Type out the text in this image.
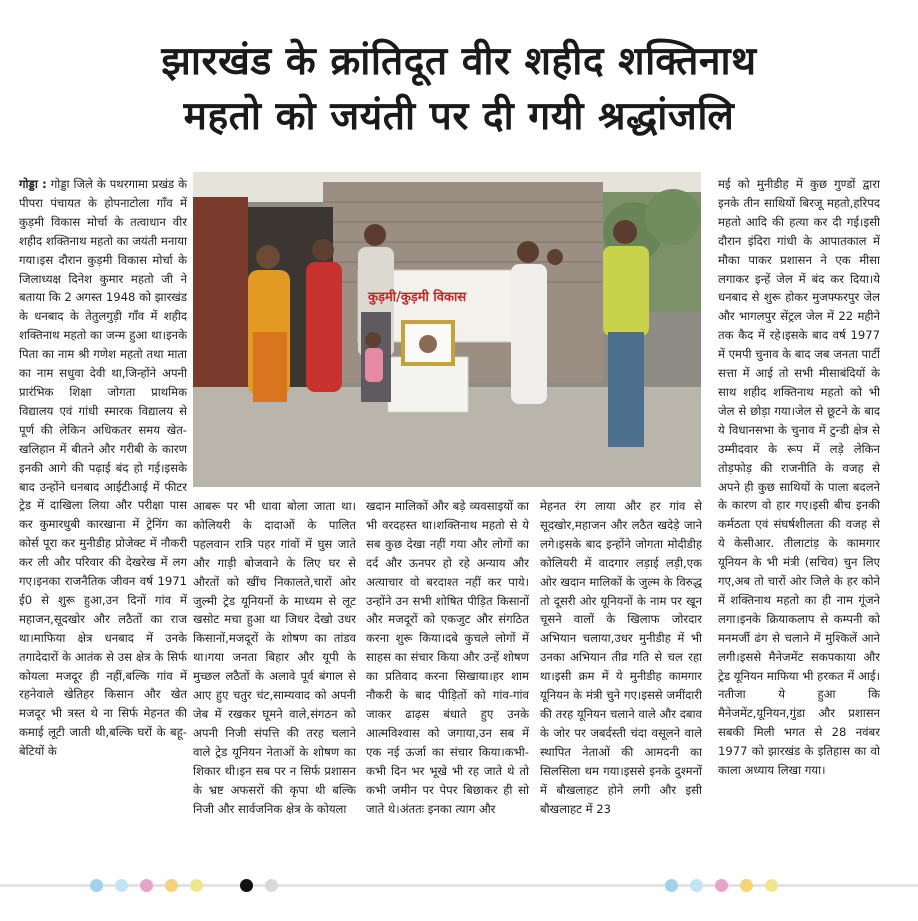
झारखंड के क्रांतिदूत वीर शहीद शक्तिनाथ
महतो को जयंती पर दी गयी श्रद्धांजलि
गोड्डा : गोड्डा जिले के पथरगामा प्रखंड के पीपरा पंचायत के होपनाटोला गाँव में कुड़मी विकास मोर्चा के तत्वाधान वीर शहीद शक्तिनाथ महतो का जयंती मनाया गया।इस दौरान कुड़मी विकास मोर्चा के जिलाध्यक्ष दिनेश कुमार महतो जी ने बताया कि 2 अगस्त 1948 को झारखंड के धनबाद के तेतुलगुड़ी गाँव में शहीद शक्तिनाथ महतो का जन्म हुआ था।इनके पिता का नाम श्री गणेश महतो तथा माता का नाम सधुवा देवी था,जिन्होंने अपनी प्रारंभिक शिक्षा जोगता प्राथमिक विद्यालय एवं गांधी स्मारक विद्यालय से पूर्ण की लेकिन अधिकतर समय खेत-खलिहान में बीतने और गरीबी के कारण इनकी आगे की पढ़ाई बंद हो गई।इसके बाद उन्होंने धनबाद आईटीआई में फीटर ट्रेड में दाखिला लिया और परीक्षा पास कर कुमारधुबी कारखाना में ट्रेनिंग का कोर्स पूरा कर मुनीडीह प्रोजेक्ट में नौकरी कर ली और परिवार की देखरेख में लग गए।इनका राजनैतिक जीवन वर्ष 1971 ई0 से शुरू हुआ,उन दिनों गांव में महाजन,सूदखोर और लठैतों का राज था।माफिया क्षेत्र धनबाद में उनके तगादेदारों के आतंक से उस क्षेत्र के सिर्फ कोयला मजदूर ही नहीं,बल्कि गांव में रहनेवाले खेतिहर किसान और खेत मजदूर भी त्रस्त थे ना सिर्फ मेहनत की कमाई लूटी जाती थी,बल्कि घरों के बहू-बेटियों के
कुड़मी/कुड़मी विकास
आबरू पर भी धावा बोला जाता था।कोलियरी के दादाओं के पालित पहलवान रात्रि पहर गांवों में घुस जाते और गाड़ी बोजवाने के लिए घर से औरतों को खींच निकालते,चारों ओर जुल्मी ट्रेड यूनियनों के माध्यम से लूट खसोट मचा हुआ था जिधर देखो उधर किसानों,मजदूरों के शोषण का तांडव था।गया जनता बिहार और यूपी के मुच्छल लठैतों के अलावे पूर्व बंगाल से आए हुए चतुर चंट,साम्यवाद को अपनी जेब में रखकर घूमने वाले,संगठन को अपनी निजी संपत्ति की तरह चलाने वाले ट्रेड यूनियन नेताओं के शोषण का शिकार थी।इन सब पर न सिर्फ प्रशासन के भ्रष्ट अफसरों की कृपा थी बल्कि निजी और सार्वजनिक क्षेत्र के कोयला
खदान मालिकों और बड़े व्यवसाइयों का भी वरदहस्त था।शक्तिनाथ महतो से ये सब कुछ देखा नहीं गया और लोगों का दर्द और ऊनपर हो रहे अन्याय और अत्याचार वो बरदाश्त नहीं कर पाये।उन्होंने उन सभी शोषित पीड़ित किसानों और मजदूरों को एकजुट और संगठित करना शुरू किया।दबे कुचले लोगों में साहस का संचार किया और उन्हें शोषण का प्रतिवाद करना सिखाया।हर शाम नौकरी के बाद पीड़ितों को गांव-गांव जाकर ढाढ़स बंधाते हुए उनके आत्मविश्वास को जगाया,उन सब में एक नई ऊर्जा का संचार किया।कभी-कभी दिन भर भूखे भी रह जाते थे तो कभी जमीन पर पेपर बिछाकर ही सो जाते थे।अंततः इनका त्याग और
मेहनत रंग लाया और हर गांव से सूदखोर,महाजन और लठैत खदेड़े जाने लगे।इसके बाद इन्होंने जोगता मोदीडीह कोलियरी में वादगार लड़ाई लड़ी,एक ओर खदान मालिकों के जुल्म के विरुद्ध तो दूसरी ओर यूनियनों के नाम पर खून चूसने वालों के खिलाफ जोरदार अभियान चलाया,उधर मुनीडीह में भी उनका अभियान तीव्र गति से चल रहा था।इसी क्रम में ये मुनीडीह कामगार यूनियन के मंत्री चुने गए।इससे जमींदारी की तरह यूनियन चलाने वाले और दबाव के जोर पर जबर्दस्ती चंदा वसूलने वाले स्थापित नेताओं की आमदनी का सिलसिला थम गया।इससे इनके दुश्मनों में बौखलाहट होने लगी और इसी बौखलाहट में 23
मई को मुनीडीह में कुछ गुण्डों द्वारा इनके तीन साथियों बिरजू महतो,हरिपद महतो आदि की हत्या कर दी गई।इसी दौरान इंदिरा गांधी के आपातकाल में मौका पाकर प्रशासन ने एक मीसा लगाकर इन्हें जेल में बंद कर दिया।ये धनबाद से शुरू होकर मुजफ्फरपुर जेल और भागलपुर सेंट्रल जेल में 22 महीने तक कैद में रहे।इसके बाद वर्ष 1977 में एमपी चुनाव के बाद जब जनता पार्टी सत्ता में आई तो सभी मीसाबंदियों के साथ शहीद शक्तिनाथ महतो को भी जेल से छोड़ा गया।जेल से छूटने के बाद ये विधानसभा के चुनाव में टुन्डी क्षेत्र से उम्मीदवार के रूप में लड़े लेकिन तोड़फोड़ की राजनीति के वजह से अपने ही कुछ साथियों के पाला बदलने के कारण वो हार गए।इसी बीच इनकी कर्मठता एवं संघर्षशीलता की वजह से ये केसीआर. तीलाटांड़ के कामगार यूनियन के भी मंत्री (सचिव) चुन लिए गए,अब तो चारों ओर जिले के हर कोने में शक्तिनाथ महतो का ही नाम गूंजने लगा।इनके क्रियाकलाप से कम्पनी को मनमर्जी ढंग से चलाने में मुश्किलें आने लगी।इससे मैनेजमेंट सकपकाया और ट्रेड यूनियन माफिया भी हरकत में आई।नतीजा ये हुआ कि मैनेजमेंट,यूनियन,गुंडा और प्रशासन सबकी मिली भगत से 28 नवंबर 1977 को झारखंड के इतिहास का वो काला अध्याय लिखा गया।
